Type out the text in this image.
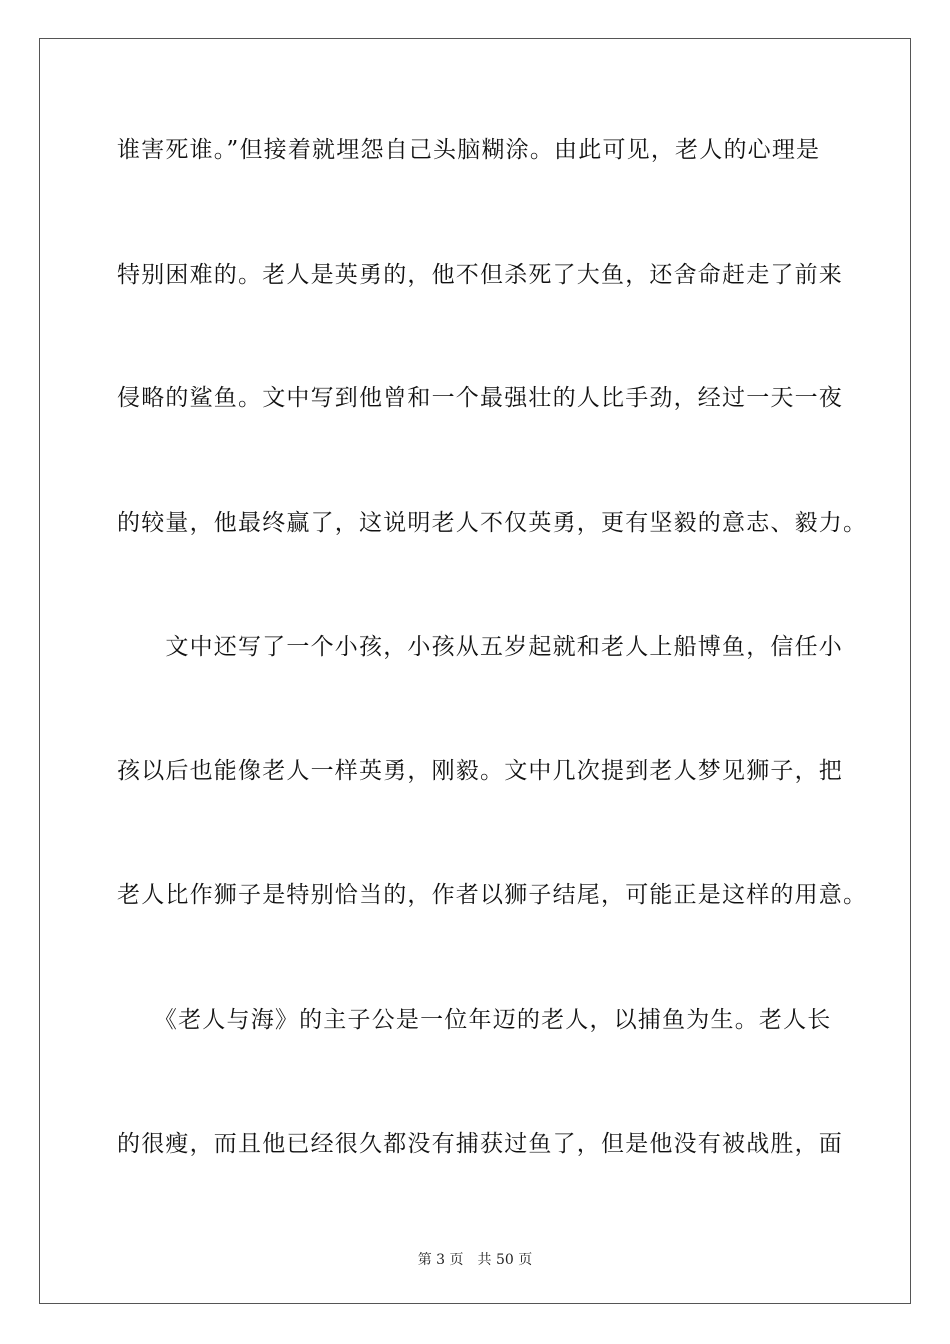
谁害死谁。”但接着就埋怨自己头脑糊涂。由此可见，老人的心理是
特别困难的。老人是英勇的，他不但杀死了大鱼，还舍命赶走了前来
侵略的鲨鱼。文中写到他曾和一个最强壮的人比手劲，经过一天一夜
的较量，他最终赢了，这说明老人不仅英勇，更有坚毅的意志、毅力。
　　文中还写了一个小孩，小孩从五岁起就和老人上船博鱼，信任小
孩以后也能像老人一样英勇，刚毅。文中几次提到老人梦见狮子，把
老人比作狮子是特别恰当的，作者以狮子结尾，可能正是这样的用意。
　　《老人与海》的主子公是一位年迈的老人，以捕鱼为生。老人长
的很瘦，而且他已经很久都没有捕获过鱼了，但是他没有被战胜，面
第 3 页　共 50 页
